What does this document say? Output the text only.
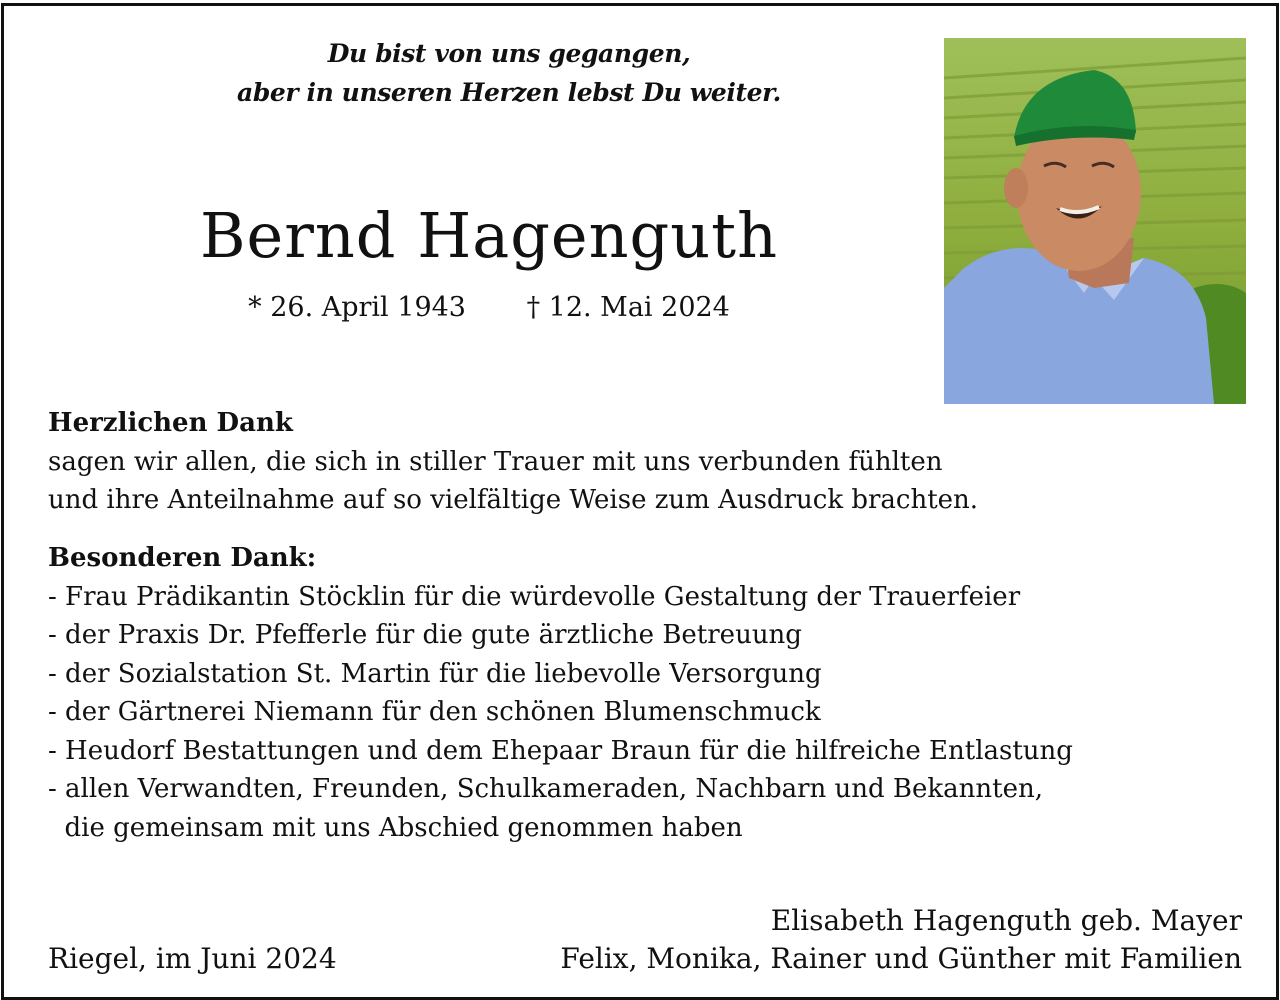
Du bist von uns gegangen,
aber in unseren Herzen lebst Du weiter.
Bernd Hagenguth
* 26. April 1943 † 12. Mai 2024
Herzlichen Dank
sagen wir allen, die sich in stiller Trauer mit uns verbunden fühlten
und ihre Anteilnahme auf so vielfältige Weise zum Ausdruck brachten.
Besonderen Dank:
- Frau Prädikantin Stöcklin für die würdevolle Gestaltung der Trauerfeier
- der Praxis Dr. Pfefferle für die gute ärztliche Betreuung
- der Sozialstation St. Martin für die liebevolle Versorgung
- der Gärtnerei Niemann für den schönen Blumenschmuck
- Heudorf Bestattungen und dem Ehepaar Braun für die hilfreiche Entlastung
- allen Verwandten, Freunden, Schulkameraden, Nachbarn und Bekannten,
die gemeinsam mit uns Abschied genommen haben
Riegel, im Juni 2024
Elisabeth Hagenguth geb. Mayer
Felix, Monika, Rainer und Günther mit Familien
